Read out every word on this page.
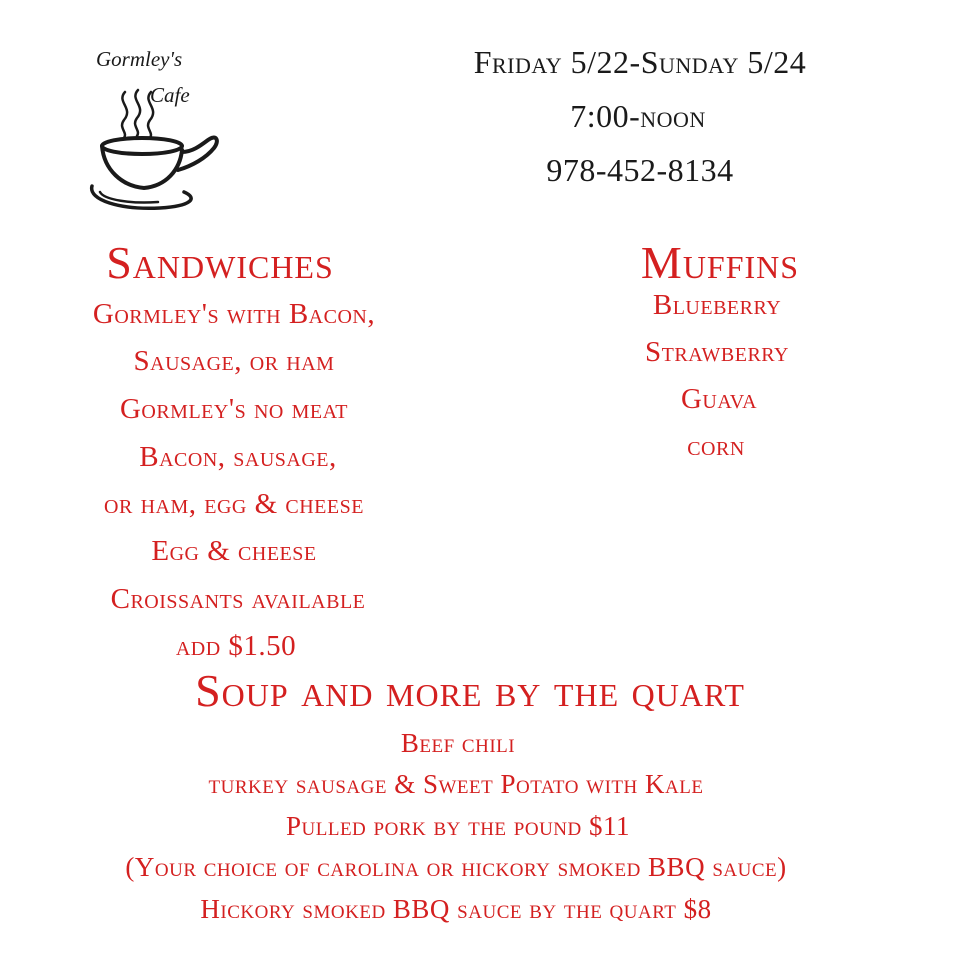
Gormley's
Cafe
Friday 5/22-Sunday 5/24
7:00-noon
978-452-8134
Sandwiches
Gormley's with Bacon,
Sausage, or ham
Gormley's no meat
Bacon, sausage,
or ham, egg & cheese
Egg & cheese
Croissants available
add $1.50
Muffins
Blueberry
Strawberry
Guava
corn
Soup and more by the quart
Beef chili
turkey sausage & Sweet Potato with Kale
Pulled pork by the pound $11
(Your choice of carolina or hickory smoked BBQ sauce)
Hickory smoked BBQ sauce by the quart $8
